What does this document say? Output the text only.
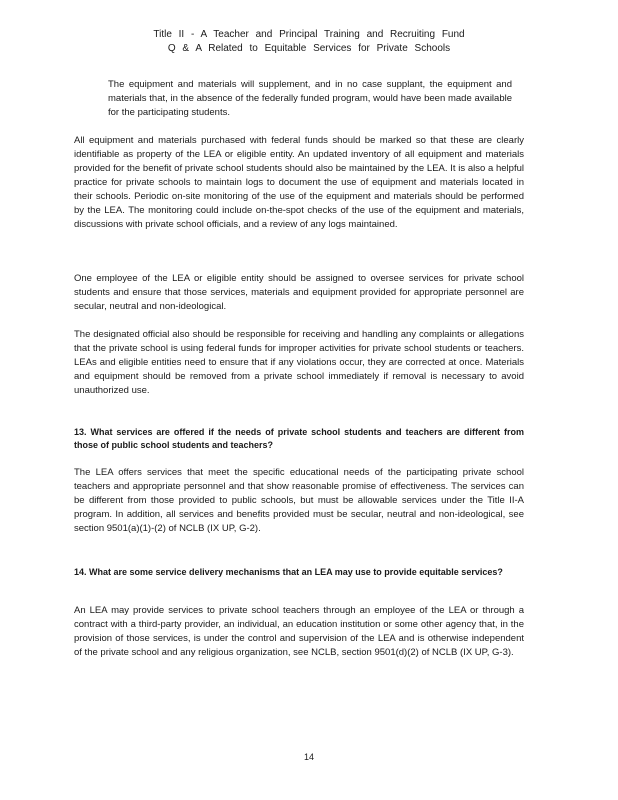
Title II - A Teacher and Principal Training and Recruiting Fund
Q & A Related to Equitable Services for Private Schools
The equipment and materials will supplement, and in no case supplant, the equipment and materials that, in the absence of the federally funded program, would have been made available for the participating students.

All equipment and materials purchased with federal funds should be marked so that these are clearly identifiable as property of the LEA or eligible entity. An updated inventory of all equipment and materials provided for the benefit of private school students should also be maintained by the LEA. It is also a helpful practice for private schools to maintain logs to document the use of equipment and materials located in their schools. Periodic on-site monitoring of the use of the equipment and materials should be performed by the LEA. The monitoring could include on-the-spot checks of the use of the equipment and materials, discussions with private school officials, and a review of any logs maintained.

One employee of the LEA or eligible entity should be assigned to oversee services for private school students and ensure that those services, materials and equipment provided for appropriate personnel are secular, neutral and non-ideological.

The designated official also should be responsible for receiving and handling any complaints or allegations that the private school is using federal funds for improper activities for private school students or teachers. LEAs and eligible entities need to ensure that if any violations occur, they are corrected at once. Materials and equipment should be removed from a private school immediately if removal is necessary to avoid unauthorized use.

13. What services are offered if the needs of private school students and teachers are different from those of public school students and teachers?

The LEA offers services that meet the specific educational needs of the participating private school teachers and appropriate personnel and that show reasonable promise of effectiveness. The services can be different from those provided to public schools, but must be allowable services under the Title II-A program. In addition, all services and benefits provided must be secular, neutral and non-ideological, see section 9501(a)(1)-(2) of NCLB (IX UP, G-2).

14. What are some service delivery mechanisms that an LEA may use to provide equitable services?

An LEA may provide services to private school teachers through an employee of the LEA or through a contract with a third-party provider, an individual, an education institution or some other agency that, in the provision of those services, is under the control and supervision of the LEA and is otherwise independent of the private school and any religious organization, see NCLB, section 9501(d)(2) of NCLB (IX UP, G-3).

14
